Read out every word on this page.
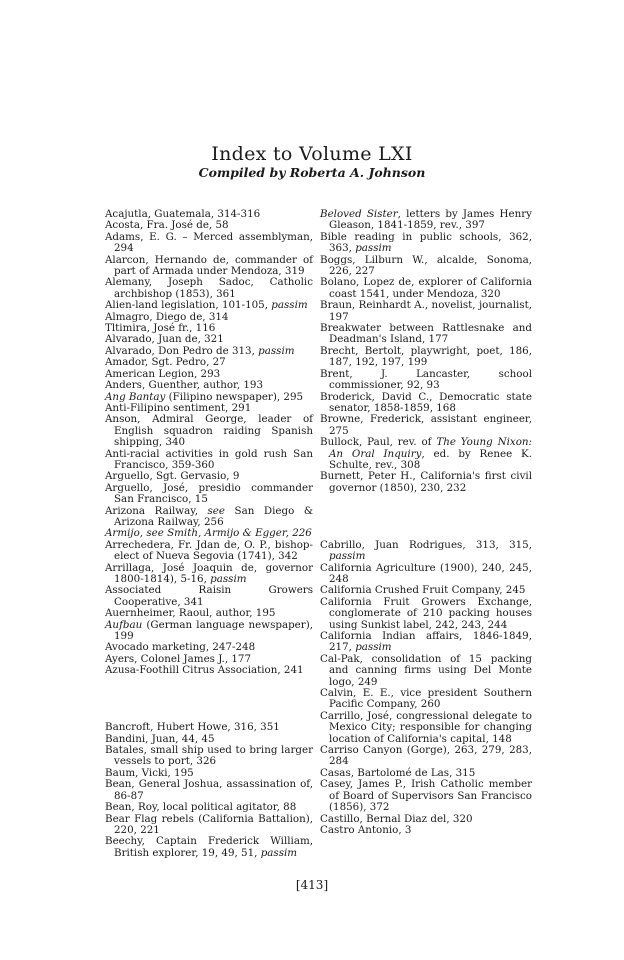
Index to Volume LXI
Compiled by Roberta A. Johnson
Acajutla, Guatemala, 314-316
Acosta, Fra. José de, 58
Adams, E. G. – Merced assemblyman, 294
Alarcon, Hernando de, commander of part of Armada under Mendoza, 319
Alemany, Joseph Sadoc, Catholic archbishop (1853), 361
Alien-land legislation, 101-105, passim
Almagro, Diego de, 314
Tltimira, José fr., 116
Alvarado, Juan de, 321
Alvarado, Don Pedro de 313, passim
Amador, Sgt. Pedro, 27
American Legion, 293
Anders, Guenther, author, 193
Ang Bantay (Filipino newspaper), 295
Anti-Filipino sentiment, 291
Anson, Admiral George, leader of English squadron raiding Spanish shipping, 340
Anti-racial activities in gold rush San Francisco, 359-360
Arguello, Sgt. Gervasio, 9
Arguello, José, presidio commander San Francisco, 15
Arizona Railway, see San Diego & Arizona Railway, 256
Armijo, see Smith, Armijo & Egger, 226
Arrechedera, Fr. Jdan de, O. P., bishop-elect of Nueva Segovia (1741), 342
Arrillaga, José Joaquin de, governor 1800-1814), 5-16, passim
Associated Raisin Growers Cooperative, 341
Auernheimer, Raoul, author, 195
Aufbau (German language newspaper), 199
Avocado marketing, 247-248
Ayers, Colonel James J., 177
Azusa-Foothill Citrus Association, 241
Bancroft, Hubert Howe, 316, 351
Bandini, Juan, 44, 45
Batales, small ship used to bring larger vessels to port, 326
Baum, Vicki, 195
Bean, General Joshua, assassination of, 86-87
Bean, Roy, local political agitator, 88
Bear Flag rebels (California Battalion), 220, 221
Beechy, Captain Frederick William, British explorer, 19, 49, 51, passim
Beloved Sister, letters by James Henry Gleason, 1841-1859, rev., 397
Bible reading in public schools, 362, 363, passim
Boggs, Lilburn W., alcalde, Sonoma, 226, 227
Bolano, Lopez de, explorer of California coast 1541, under Mendoza, 320
Braun, Reinhardt A., novelist, journalist, 197
Breakwater between Rattlesnake and Deadman's Island, 177
Brecht, Bertolt, playwright, poet, 186, 187, 192, 197, 199
Brent, J. Lancaster, school commissioner, 92, 93
Broderick, David C., Democratic state senator, 1858-1859, 168
Browne, Frederick, assistant engineer, 275
Bullock, Paul, rev. of The Young Nixon: An Oral Inquiry, ed. by Renee K. Schulte, rev., 308
Burnett, Peter H., California's first civil governor (1850), 230, 232
Cabrillo, Juan Rodrigues, 313, 315, passim
California Agriculture (1900), 240, 245, 248
California Crushed Fruit Company, 245
California Fruit Growers Exchange, conglomerate of 210 packing houses using Sunkist label, 242, 243, 244
California Indian affairs, 1846-1849, 217, passim
Cal-Pak, consolidation of 15 packing and canning firms using Del Monte logo, 249
Calvin, E. E., vice president Southern Pacific Company, 260
Carrillo, José, congressional delegate to Mexico City; responsible for changing location of California's capital, 148
Carriso Canyon (Gorge), 263, 279, 283, 284
Casas, Bartolomé de Las, 315
Casey, James P., Irish Catholic member of Board of Supervisors San Francisco (1856), 372
Castillo, Bernal Diaz del, 320
Castro Antonio, 3
[413]
